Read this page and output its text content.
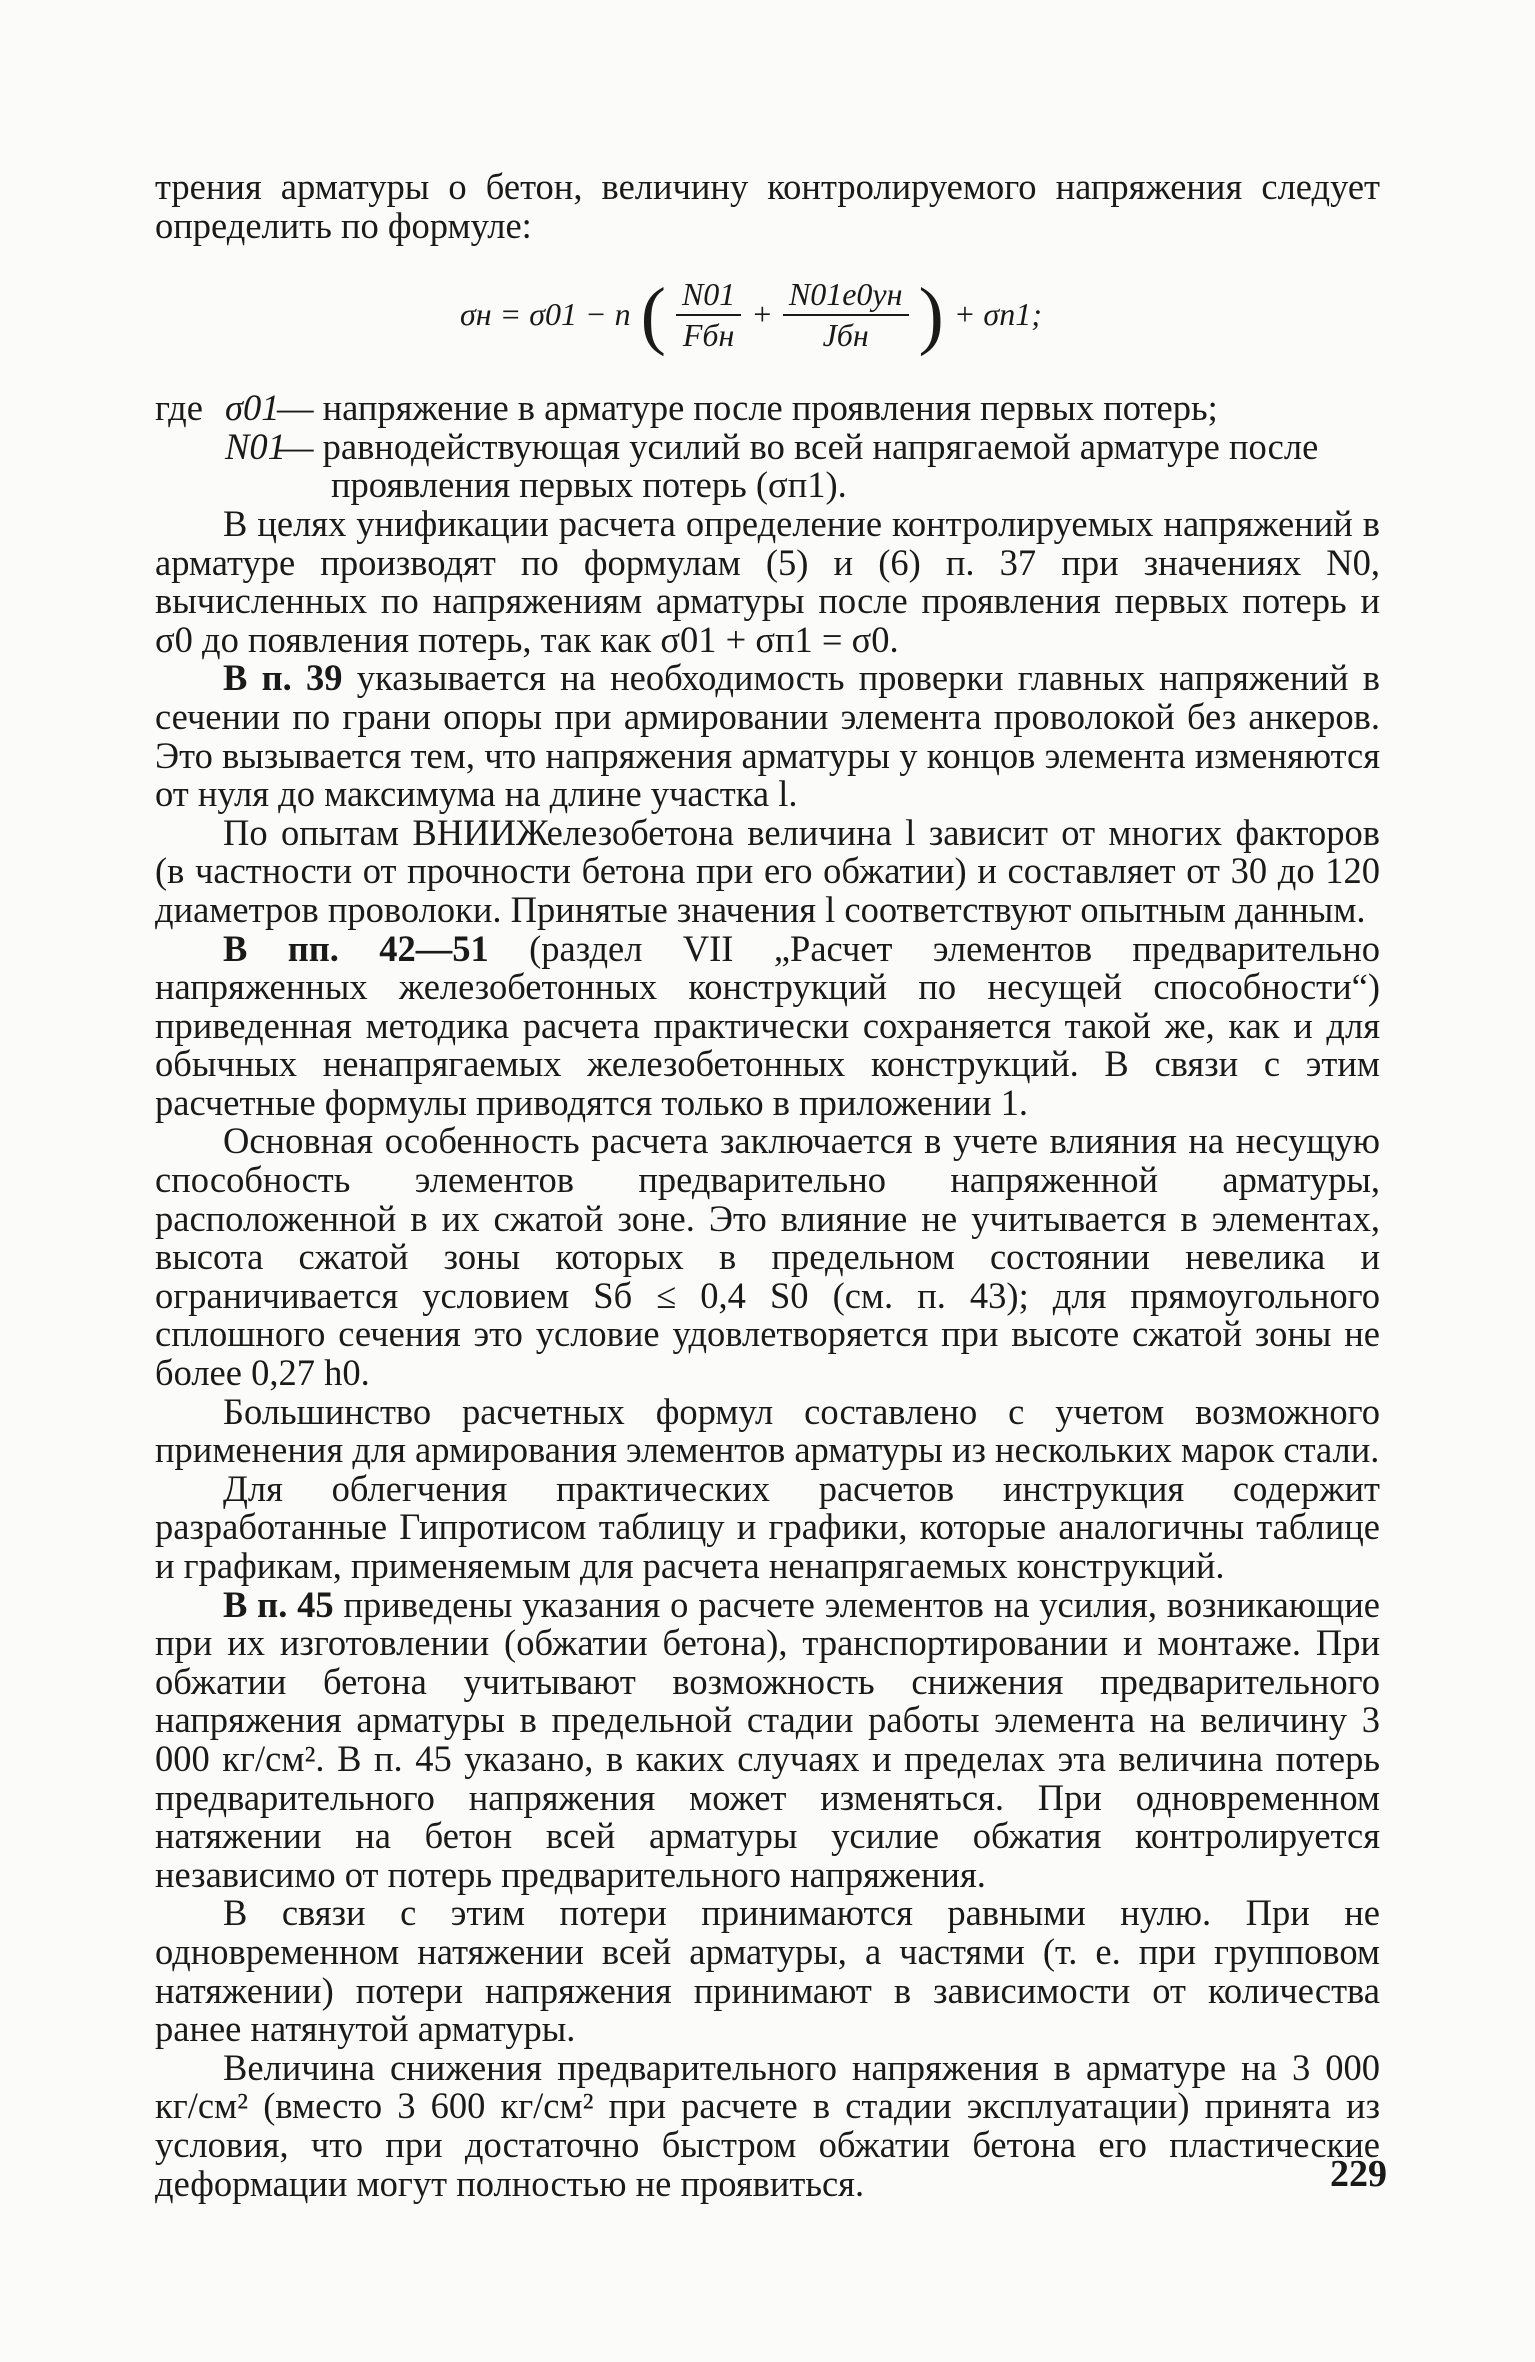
трения арматуры о бетон, величину контролируемого напряжения следует определить по формуле:

σн = σ01 − n ( $\frac{N01}{\text{Fбн}} + \frac{N01e0yн}{\text{Jбн}}$ ) + σп1;
где σ01
— напряжение в арматуре после проявления первых потерь;
N01
— равнодействующая усилий во всей напрягаемой арматуре после
проявления первых потерь (σп1).

В целях унификации расчета определение контролируемых напряжений в арматуре производят по формулам (5) и (6) п. 37 при значениях N0, вычисленных по напряжениям арматуры после проявления первых потерь и σ0 до появления потерь, так как σ01 + σп1 = σ0.

В п. 39 указывается на необходимость проверки главных напряжений в сечении по грани опоры при армировании элемента проволокой без анкеров. Это вызывается тем, что напряжения арматуры у концов элемента изменяются от нуля до максимума на длине участка l.

По опытам ВНИИЖелезобетона величина l зависит от многих факторов (в частности от прочности бетона при его обжатии) и составляет от 30 до 120 диаметров проволоки. Принятые значения l соответствуют опытным данным.

В пп. 42—51 (раздел VII „Расчет элементов предварительно напряженных железобетонных конструкций по несущей способности“) приведенная методика расчета практически сохраняется такой же, как и для обычных ненапрягаемых железобетонных конструкций. В связи с этим расчетные формулы приводятся только в приложении 1.

Основная особенность расчета заключается в учете влияния на несущую способность элементов предварительно напряженной арматуры, расположенной в их сжатой зоне. Это влияние не учитывается в элементах, высота сжатой зоны которых в предельном состоянии невелика и ограничивается условием Sб ≤ 0,4 S0 (см. п. 43); для прямоугольного сплошного сечения это условие удовлетворяется при высоте сжатой зоны не более 0,27 h0.

Большинство расчетных формул составлено с учетом возможного применения для армирования элементов арматуры из нескольких марок стали.

Для облегчения практических расчетов инструкция содержит разработанные Гипротисом таблицу и графики, которые аналогичны таблице и графикам, применяемым для расчета ненапрягаемых конструкций.

В п. 45 приведены указания о расчете элементов на усилия, возникающие при их изготовлении (обжатии бетона), транспортировании и монтаже. При обжатии бетона учитывают возможность снижения предварительного напряжения арматуры в предельной стадии работы элемента на величину 3 000 кг/см². В п. 45 указано, в каких случаях и пределах эта величина потерь предварительного напряжения может изменяться. При одновременном натяжении на бетон всей арматуры усилие обжатия контролируется независимо от потерь предварительного напряжения.

В связи с этим потери принимаются равными нулю. При не одновременном натяжении всей арматуры, а частями (т. е. при групповом натяжении) потери напряжения принимают в зависимости от количества ранее натянутой арматуры.

Величина снижения предварительного напряжения в арматуре на 3 000 кг/см² (вместо 3 600 кг/см² при расчете в стадии эксплуатации) принята из условия, что при достаточно быстром обжатии бетона его пластические деформации могут полностью не проявиться.	229
